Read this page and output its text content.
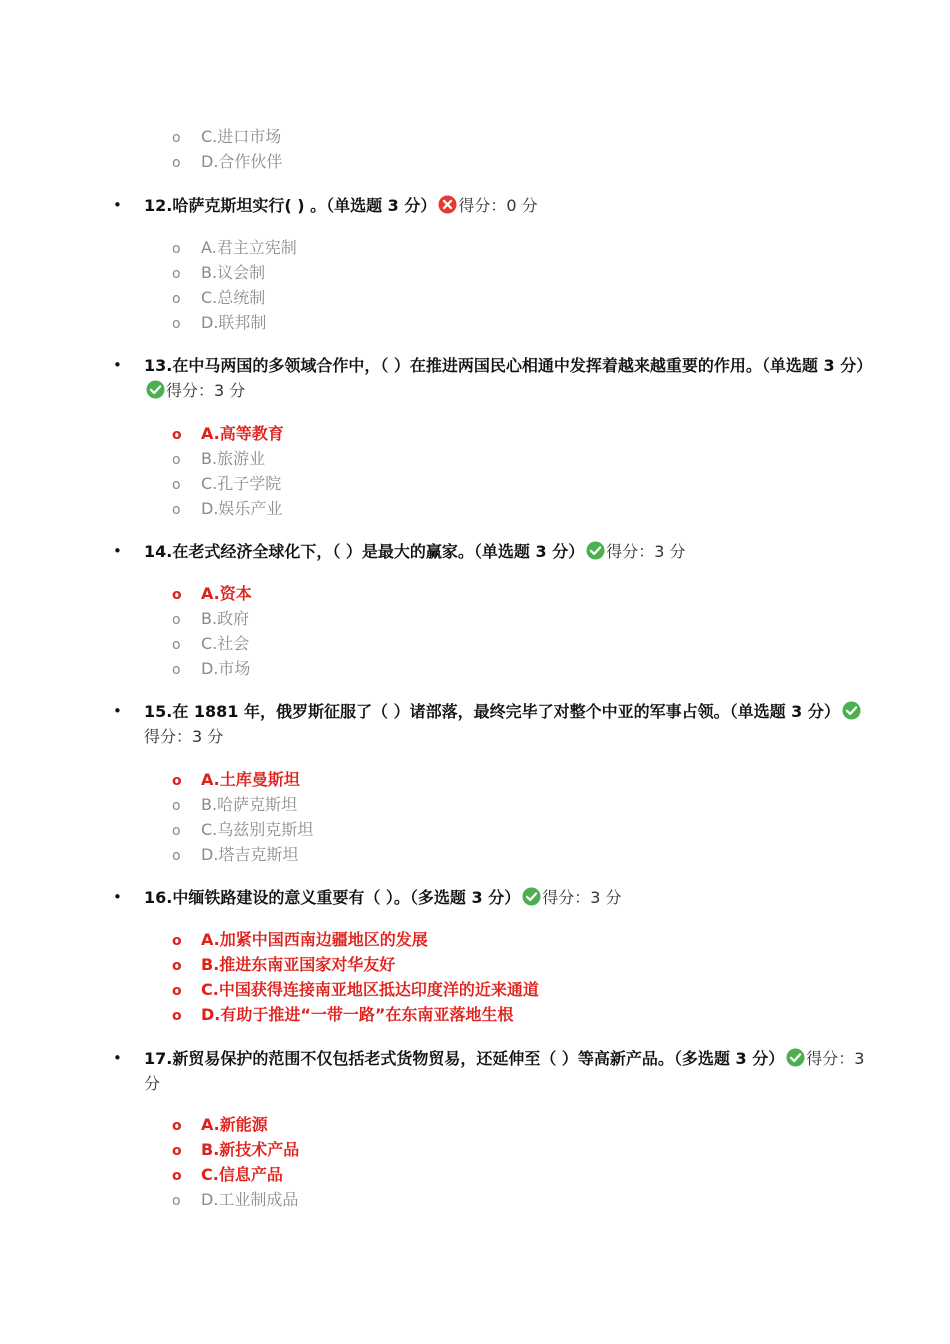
o C.进口市场
o D.合作伙伴
• 12.哈萨克斯坦实行( ) 。（单选题 3 分） 得分：0 分
o A.君主立宪制
o B.议会制
o C.总统制
o D.联邦制
• 13.在中马两国的多领域合作中，（ ）在推进两国民心相通中发挥着越来越重要的作用。（单选题 3 分）得分：3 分
o A.高等教育
o B.旅游业
o C.孔子学院
o D.娱乐产业
• 14.在老式经济全球化下，（ ）是最大的赢家。（单选题 3 分） 得分：3 分
o A.资本
o B.政府
o C.社会
o D.市场
• 15.在 1881 年，俄罗斯征服了（ ）诸部落，最终完毕了对整个中亚的军事占领。（单选题 3 分）得分：3 分
o A.土库曼斯坦
o B.哈萨克斯坦
o C.乌兹别克斯坦
o D.塔吉克斯坦
• 16.中缅铁路建设的意义重要有（ ）。（多选题 3 分） 得分：3 分
o A.加紧中国西南边疆地区的发展
o B.推进东南亚国家对华友好
o C.中国获得连接南亚地区抵达印度洋的近来通道
o D.有助于推进“一带一路”在东南亚落地生根
• 17.新贸易保护的范围不仅包括老式货物贸易，还延伸至（ ）等高新产品。（多选题 3 分） 得分：3 分
o A.新能源
o B.新技术产品
o C.信息产品
o D.工业制成品
